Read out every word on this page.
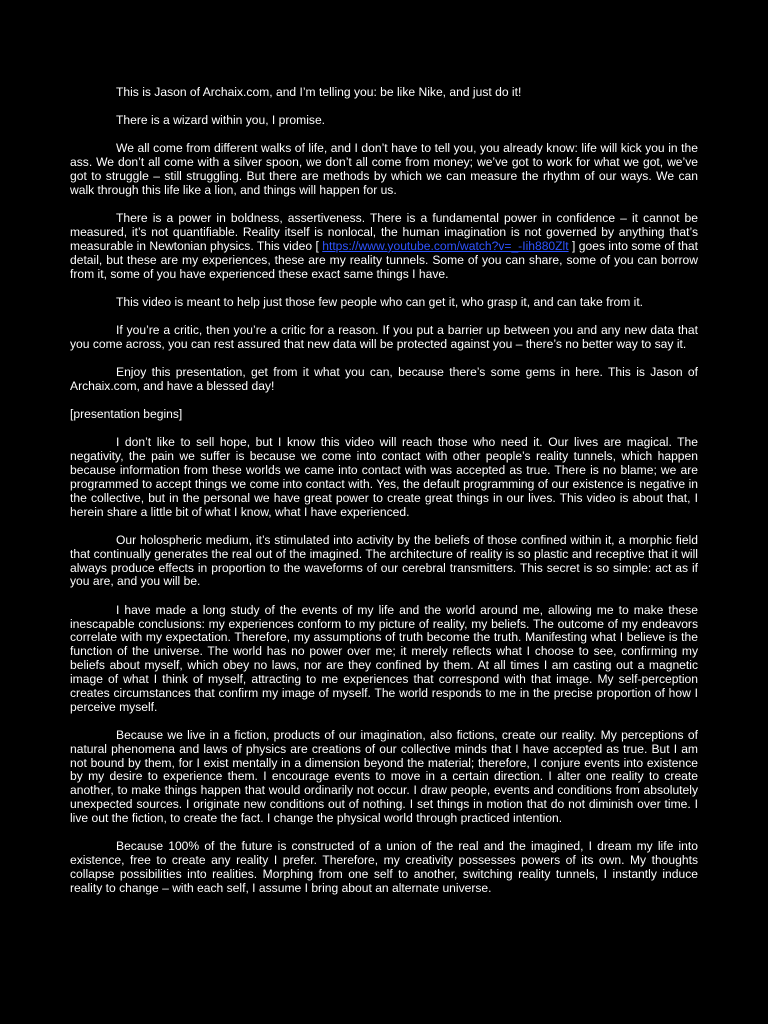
This is Jason of Archaix.com, and I’m telling you: be like Nike, and just do it!

There is a wizard within you, I promise.

We all come from different walks of life, and I don’t have to tell you, you already know: life will kick you in the ass. We don’t all come with a silver spoon, we don’t all come from money; we’ve got to work for what we got, we’ve got to struggle – still struggling. But there are methods by which we can measure the rhythm of our ways. We can walk through this life like a lion, and things will happen for us.

There is a power in boldness, assertiveness. There is a fundamental power in confidence – it cannot be measured, it’s not quantifiable. Reality itself is nonlocal, the human imagination is not governed by anything that’s measurable in Newtonian physics. This video [ https://www.youtube.com/watch?v=_-Iih880Zlt ] goes into some of that detail, but these are my experiences, these are my reality tunnels. Some of you can share, some of you can borrow from it, some of you have experienced these exact same things I have.

This video is meant to help just those few people who can get it, who grasp it, and can take from it.

If you’re a critic, then you’re a critic for a reason. If you put a barrier up between you and any new data that you come across, you can rest assured that new data will be protected against you – there’s no better way to say it.

Enjoy this presentation, get from it what you can, because there’s some gems in here. This is Jason of Archaix.com, and have a blessed day!

[presentation begins]

I don’t like to sell hope, but I know this video will reach those who need it. Our lives are magical. The negativity, the pain we suffer is because we come into contact with other people’s reality tunnels, which happen because information from these worlds we came into contact with was accepted as true. There is no blame; we are programmed to accept things we come into contact with. Yes, the default programming of our existence is negative in the collective, but in the personal we have great power to create great things in our lives. This video is about that, I herein share a little bit of what I know, what I have experienced.

Our holospheric medium, it’s stimulated into activity by the beliefs of those confined within it, a morphic field that continually generates the real out of the imagined. The architecture of reality is so plastic and receptive that it will always produce effects in proportion to the waveforms of our cerebral transmitters. This secret is so simple: act as if you are, and you will be.

I have made a long study of the events of my life and the world around me, allowing me to make these inescapable conclusions: my experiences conform to my picture of reality, my beliefs. The outcome of my endeavors correlate with my expectation. Therefore, my assumptions of truth become the truth. Manifesting what I believe is the function of the universe. The world has no power over me; it merely reflects what I choose to see, confirming my beliefs about myself, which obey no laws, nor are they confined by them. At all times I am casting out a magnetic image of what I think of myself, attracting to me experiences that correspond with that image. My self-perception creates circumstances that confirm my image of myself. The world responds to me in the precise proportion of how I perceive myself.

Because we live in a fiction, products of our imagination, also fictions, create our reality. My perceptions of natural phenomena and laws of physics are creations of our collective minds that I have accepted as true. But I am not bound by them, for I exist mentally in a dimension beyond the material; therefore, I conjure events into existence by my desire to experience them. I encourage events to move in a certain direction. I alter one reality to create another, to make things happen that would ordinarily not occur. I draw people, events and conditions from absolutely unexpected sources. I originate new conditions out of nothing. I set things in motion that do not diminish over time. I live out the fiction, to create the fact. I change the physical world through practiced intention.

Because 100% of the future is constructed of a union of the real and the imagined, I dream my life into existence, free to create any reality I prefer. Therefore, my creativity possesses powers of its own. My thoughts collapse possibilities into realities. Morphing from one self to another, switching reality tunnels, I instantly induce reality to change – with each self, I assume I bring about an alternate universe.
